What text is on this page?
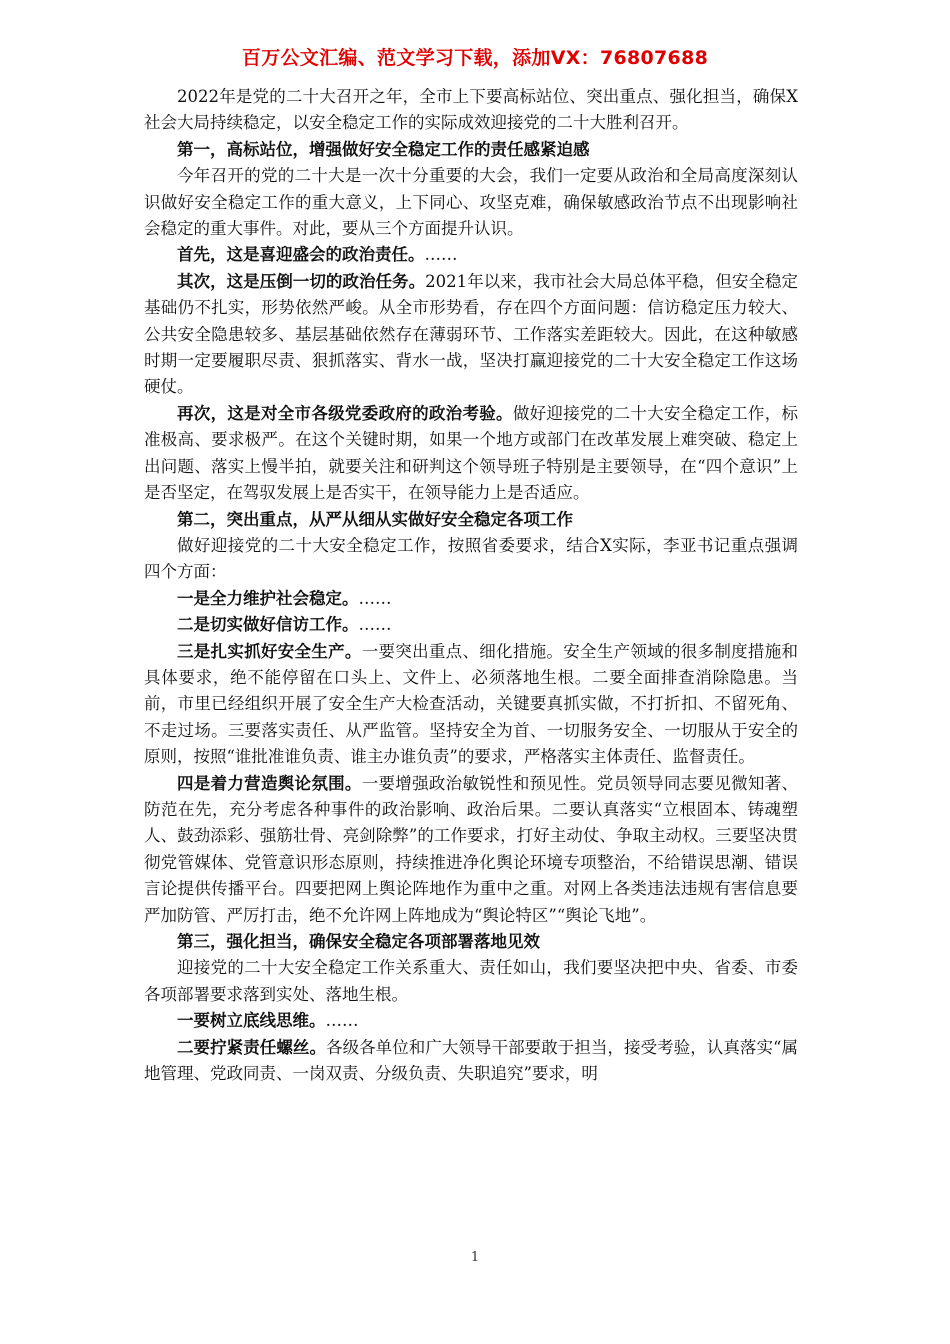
百万公文汇编、范文学习下载，添加VX：76807688

2022年是党的二十大召开之年，全市上下要高标站位、突出重点、强化担当，确保X社会大局持续稳定，以安全稳定工作的实际成效迎接党的二十大胜利召开。

第一，高标站位，增强做好安全稳定工作的责任感紧迫感

今年召开的党的二十大是一次十分重要的大会，我们一定要从政治和全局高度深刻认识做好安全稳定工作的重大意义，上下同心、攻坚克难，确保敏感政治节点不出现影响社会稳定的重大事件。对此，要从三个方面提升认识。

首先，这是喜迎盛会的政治责任。……

其次，这是压倒一切的政治任务。2021年以来，我市社会大局总体平稳，但安全稳定基础仍不扎实，形势依然严峻。从全市形势看，存在四个方面问题：信访稳定压力较大、公共安全隐患较多、基层基础依然存在薄弱环节、工作落实差距较大。因此，在这种敏感时期一定要履职尽责、狠抓落实、背水一战，坚决打赢迎接党的二十大安全稳定工作这场硬仗。

再次，这是对全市各级党委政府的政治考验。做好迎接党的二十大安全稳定工作，标准极高、要求极严。在这个关键时期，如果一个地方或部门在改革发展上难突破、稳定上出问题、落实上慢半拍，就要关注和研判这个领导班子特别是主要领导，在“四个意识”上是否坚定，在驾驭发展上是否实干，在领导能力上是否适应。

第二，突出重点，从严从细从实做好安全稳定各项工作

做好迎接党的二十大安全稳定工作，按照省委要求，结合X实际，李亚书记重点强调四个方面：

一是全力维护社会稳定。……

二是切实做好信访工作。……

三是扎实抓好安全生产。一要突出重点、细化措施。安全生产领域的很多制度措施和具体要求，绝不能停留在口头上、文件上、必须落地生根。二要全面排查消除隐患。当前，市里已经组织开展了安全生产大检查活动，关键要真抓实做，不打折扣、不留死角、不走过场。三要落实责任、从严监管。坚持安全为首、一切服务安全、一切服从于安全的原则，按照“谁批准谁负责、谁主办谁负责”的要求，严格落实主体责任、监督责任。

四是着力营造舆论氛围。一要增强政治敏锐性和预见性。党员领导同志要见微知著、防范在先，充分考虑各种事件的政治影响、政治后果。二要认真落实“立根固本、铸魂塑人、鼓劲添彩、强筋壮骨、亮剑除弊”的工作要求，打好主动仗、争取主动权。三要坚决贯彻党管媒体、党管意识形态原则，持续推进净化舆论环境专项整治，不给错误思潮、错误言论提供传播平台。四要把网上舆论阵地作为重中之重。对网上各类违法违规有害信息要严加防管、严厉打击，绝不允许网上阵地成为“舆论特区”“舆论飞地”。

第三，强化担当，确保安全稳定各项部署落地见效

迎接党的二十大安全稳定工作关系重大、责任如山，我们要坚决把中央、省委、市委各项部署要求落到实处、落地生根。

一要树立底线思维。……

二要拧紧责任螺丝。各级各单位和广大领导干部要敢于担当，接受考验，认真落实“属地管理、党政同责、一岗双责、分级负责、失职追究”要求，明

1
